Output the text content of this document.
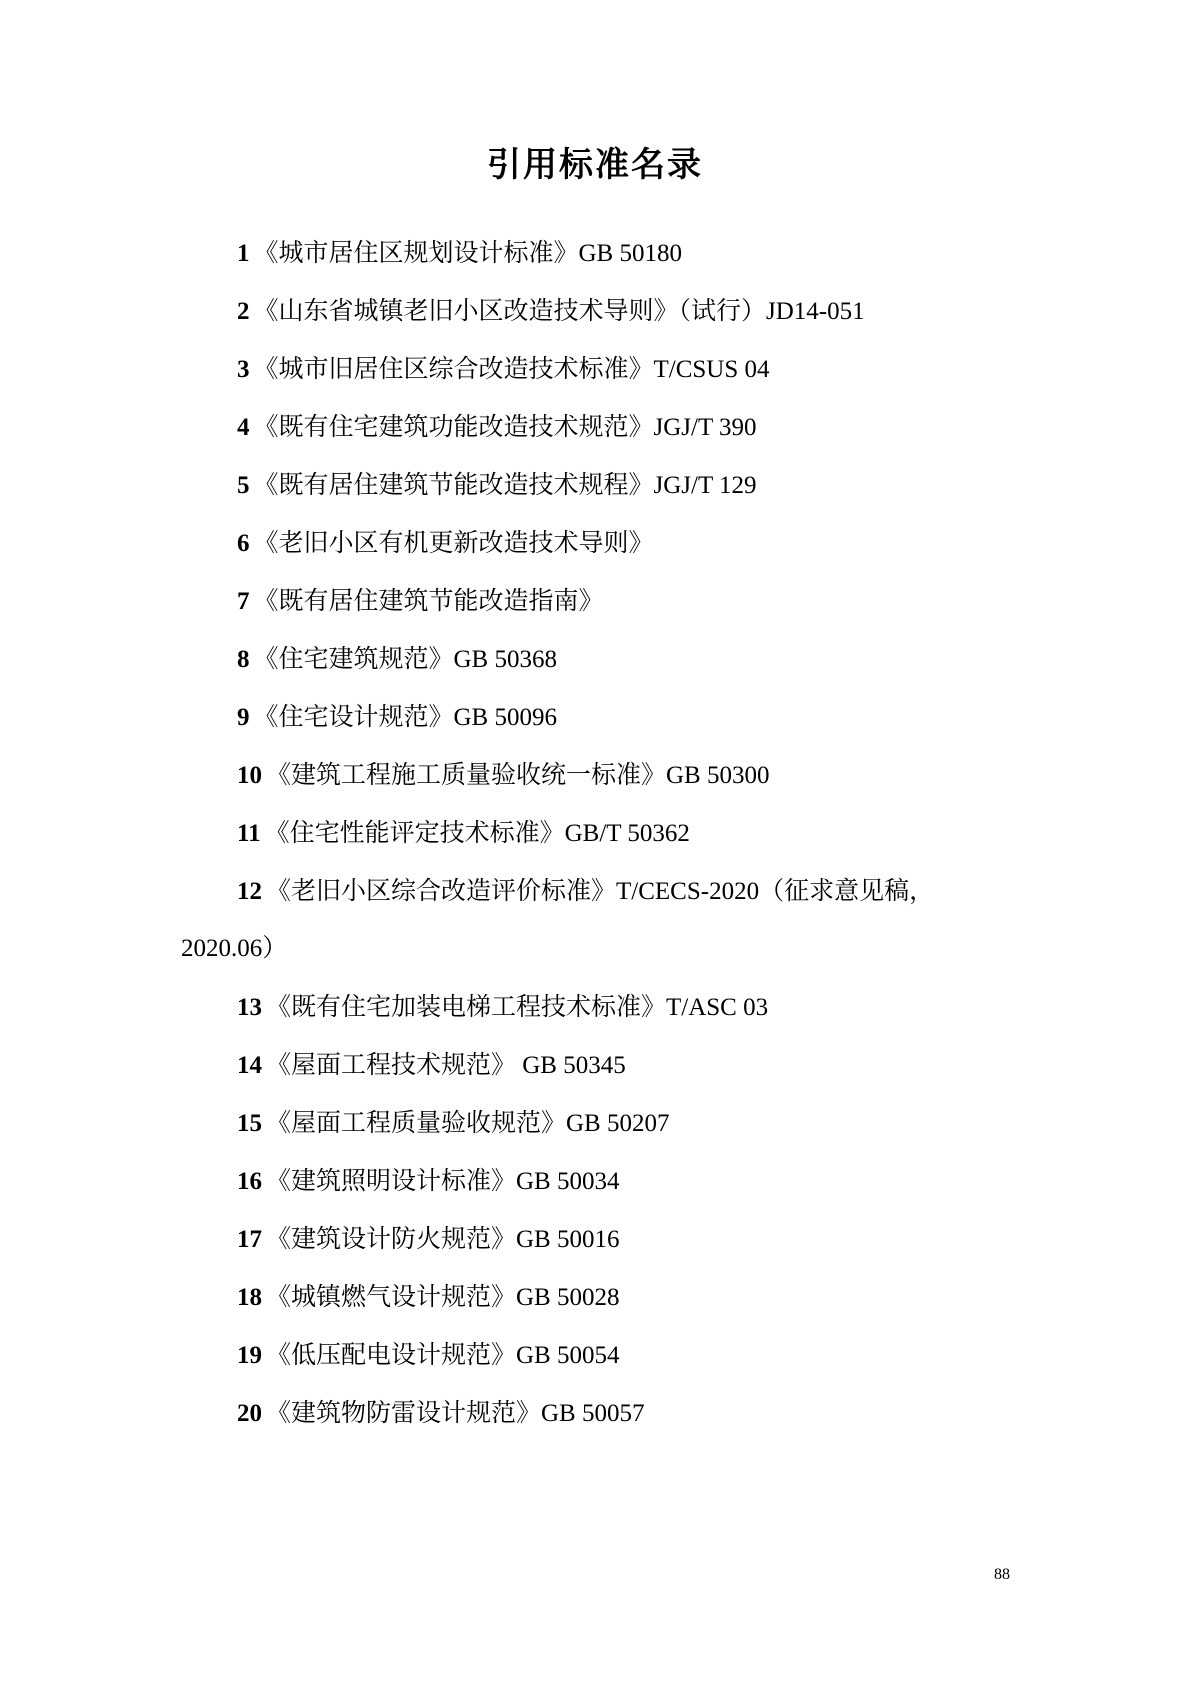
引用标准名录
1 《城市居住区规划设计标准》GB 50180
2 《山东省城镇老旧小区改造技术导则》（试行）JD14-051
3 《城市旧居住区综合改造技术标准》T/CSUS 04
4 《既有住宅建筑功能改造技术规范》JGJ/T 390
5 《既有居住建筑节能改造技术规程》JGJ/T 129
6 《老旧小区有机更新改造技术导则》
7 《既有居住建筑节能改造指南》
8 《住宅建筑规范》GB 50368
9 《住宅设计规范》GB 50096
10 《建筑工程施工质量验收统一标准》GB 50300
11 《住宅性能评定技术标准》GB/T 50362
12 《老旧小区综合改造评价标准》T/CECS-2020（征求意见稿，
2020.06）
13 《既有住宅加装电梯工程技术标准》T/ASC 03
14 《屋面工程技术规范》 GB 50345
15 《屋面工程质量验收规范》GB 50207
16 《建筑照明设计标准》GB 50034
17 《建筑设计防火规范》GB 50016
18 《城镇燃气设计规范》GB 50028
19 《低压配电设计规范》GB 50054
20 《建筑物防雷设计规范》GB 50057
88
